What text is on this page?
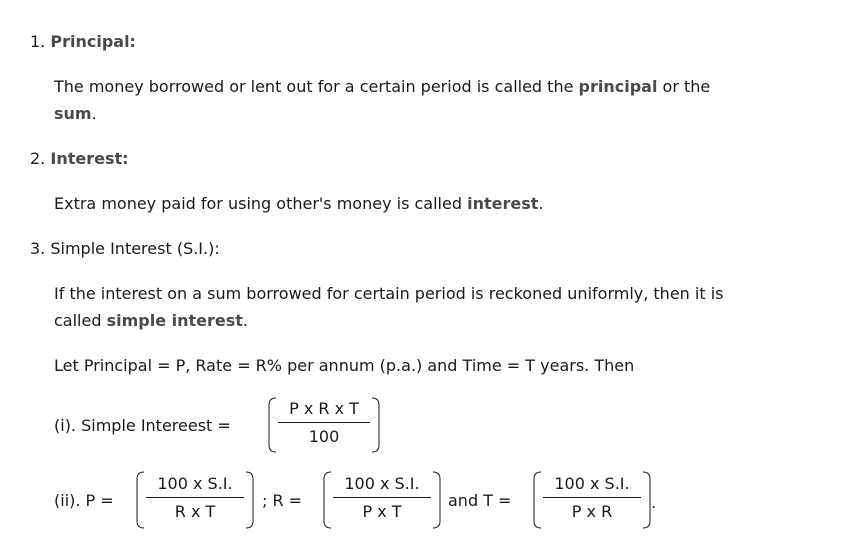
1. Principal:
The money borrowed or lent out for a certain period is called the principal or the
sum.
2. Interest:
Extra money paid for using other's money is called interest.
3. Simple Interest (S.I.):
If the interest on a sum borrowed for certain period is reckoned uniformly, then it is
called simple interest.
Let Principal = P, Rate = R% per annum (p.a.) and Time = T years. Then
(i). Simple Intereest =
P x R x T
100
(ii). P =
100 x S.I.
R x T
; R =
100 x S.I.
P x T
and T =
100 x S.I.
P x R .
